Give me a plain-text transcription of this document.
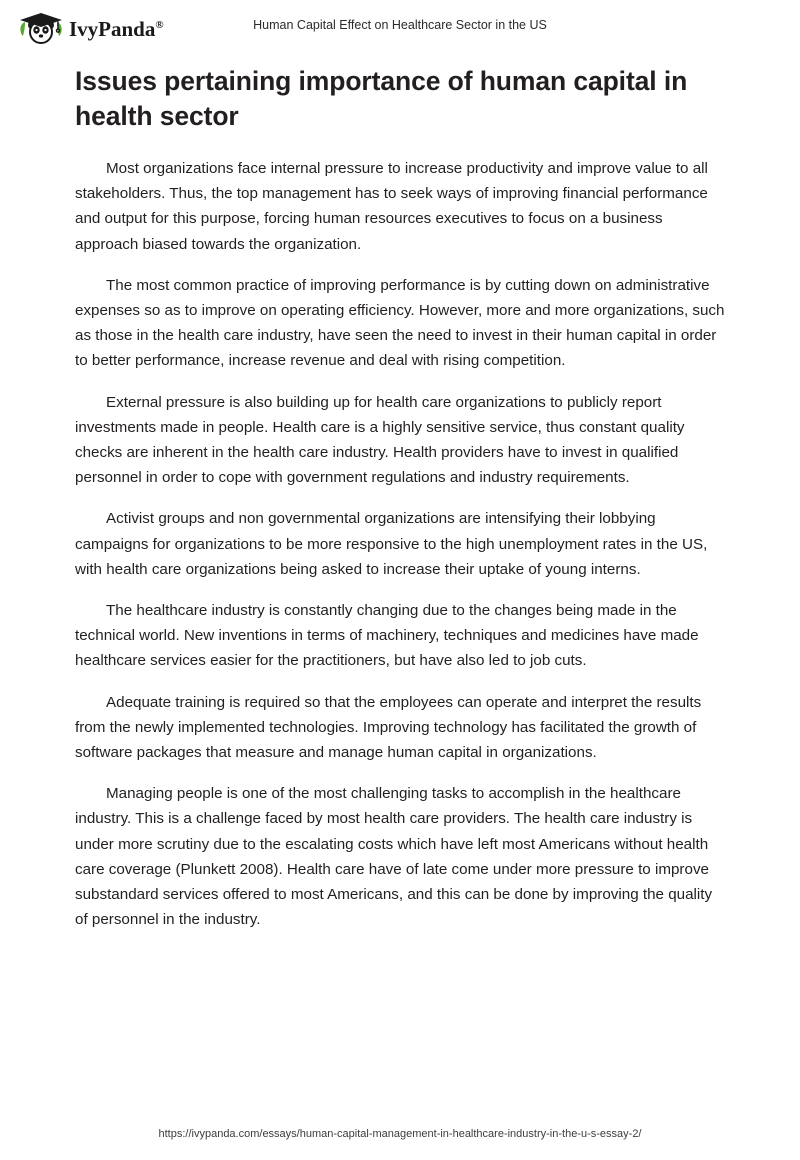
IvyPanda®	Human Capital Effect on Healthcare Sector in the US
Issues pertaining importance of human capital in health sector

Most organizations face internal pressure to increase productivity and improve value to all stakeholders. Thus, the top management has to seek ways of improving financial performance and output for this purpose, forcing human resources executives to focus on a business approach biased towards the organization.

The most common practice of improving performance is by cutting down on administrative expenses so as to improve on operating efficiency. However, more and more organizations, such as those in the health care industry, have seen the need to invest in their human capital in order to better performance, increase revenue and deal with rising competition.

External pressure is also building up for health care organizations to publicly report investments made in people. Health care is a highly sensitive service, thus constant quality checks are inherent in the health care industry. Health providers have to invest in qualified personnel in order to cope with government regulations and industry requirements.

Activist groups and non governmental organizations are intensifying their lobbying campaigns for organizations to be more responsive to the high unemployment rates in the US, with health care organizations being asked to increase their uptake of young interns.

The healthcare industry is constantly changing due to the changes being made in the technical world. New inventions in terms of machinery, techniques and medicines have made healthcare services easier for the practitioners, but have also led to job cuts.

Adequate training is required so that the employees can operate and interpret the results from the newly implemented technologies. Improving technology has facilitated the growth of software packages that measure and manage human capital in organizations.

Managing people is one of the most challenging tasks to accomplish in the healthcare industry. This is a challenge faced by most health care providers. The health care industry is under more scrutiny due to the escalating costs which have left most Americans without health care coverage (Plunkett 2008). Health care have of late come under more pressure to improve substandard services offered to most Americans, and this can be done by improving the quality of personnel in the industry.

https://ivypanda.com/essays/human-capital-management-in-healthcare-industry-in-the-u-s-essay-2/
